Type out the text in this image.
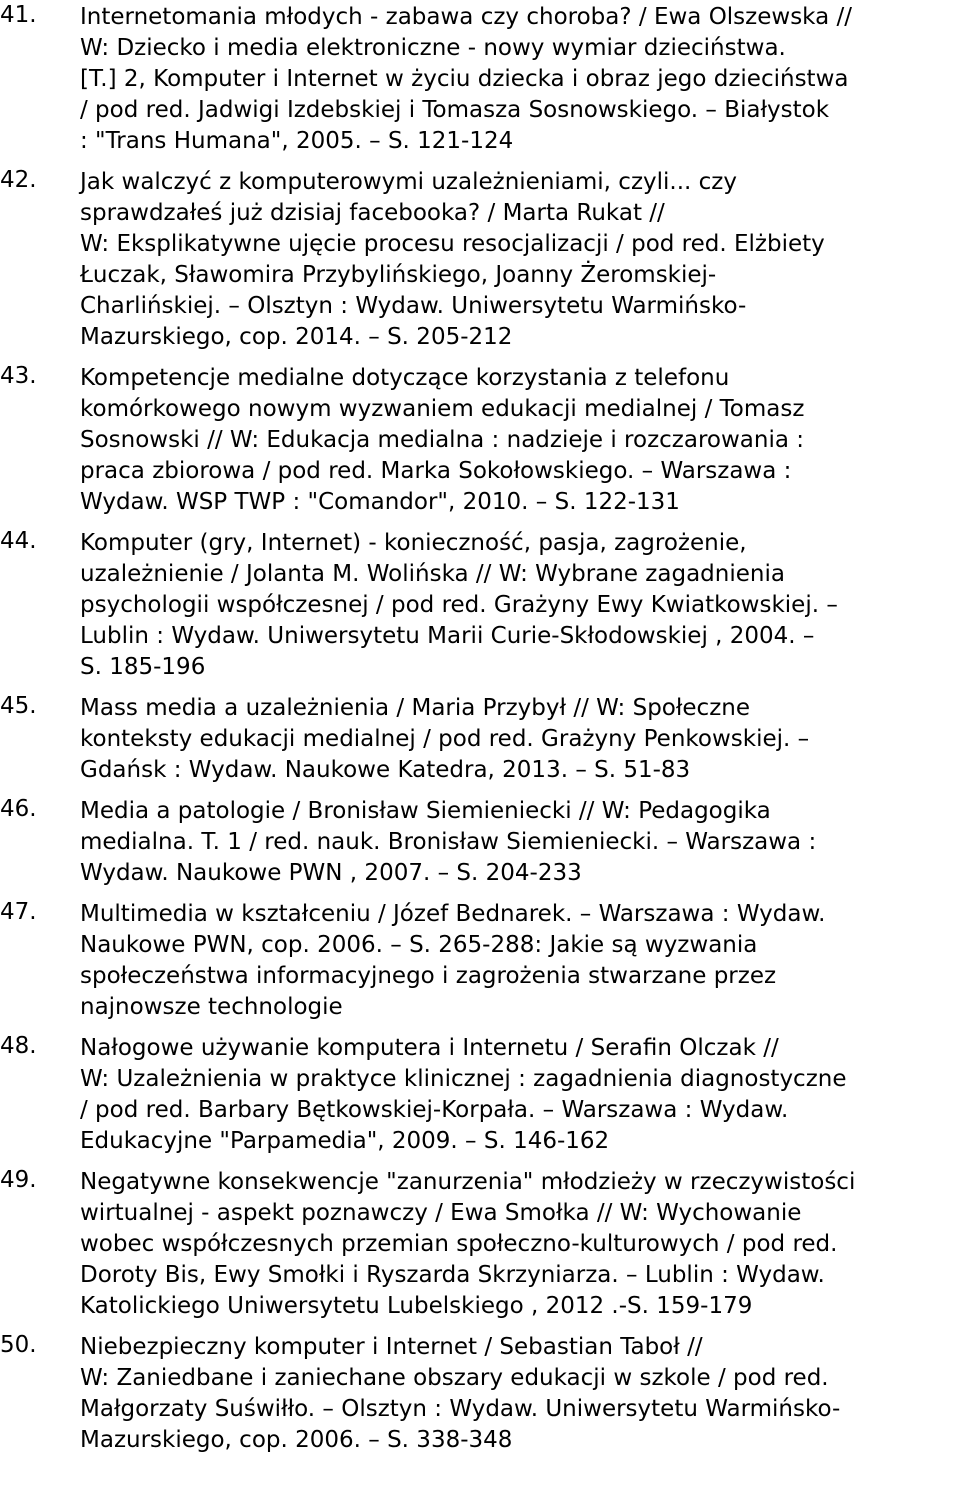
41.	Internetomania młodych - zabawa czy choroba? / Ewa Olszewska //
W: Dziecko i media elektroniczne - nowy wymiar dzieciństwa.
[T.] 2, Komputer i Internet w życiu dziecka i obraz jego dzieciństwa
/ pod red. Jadwigi Izdebskiej i Tomasza Sosnowskiego. – Białystok
: "Trans Humana", 2005. – S. 121-124
42.	Jak walczyć z komputerowymi uzależnieniami, czyli... czy
sprawdzałeś już dzisiaj facebooka? / Marta Rukat //
W: Eksplikatywne ujęcie procesu resocjalizacji / pod red. Elżbiety
Łuczak, Sławomira Przybylińskiego, Joanny Żeromskiej-
Charlińskiej. – Olsztyn : Wydaw. Uniwersytetu Warmińsko-
Mazurskiego, cop. 2014. – S. 205-212
43.	Kompetencje medialne dotyczące korzystania z telefonu
komórkowego nowym wyzwaniem edukacji medialnej / Tomasz
Sosnowski // W: Edukacja medialna : nadzieje i rozczarowania :
praca zbiorowa / pod red. Marka Sokołowskiego. – Warszawa :
Wydaw. WSP TWP : "Comandor", 2010. – S. 122-131
44.	Komputer (gry, Internet) - konieczność, pasja, zagrożenie,
uzależnienie / Jolanta M. Wolińska // W: Wybrane zagadnienia
psychologii współczesnej / pod red. Grażyny Ewy Kwiatkowskiej. –
Lublin : Wydaw. Uniwersytetu Marii Curie-Skłodowskiej , 2004. –
S. 185-196
45.	Mass media a uzależnienia / Maria Przybył // W: Społeczne
konteksty edukacji medialnej / pod red. Grażyny Penkowskiej. –
Gdańsk : Wydaw. Naukowe Katedra, 2013. – S. 51-83
46.	Media a patologie / Bronisław Siemieniecki // W: Pedagogika
medialna. T. 1 / red. nauk. Bronisław Siemieniecki. – Warszawa :
Wydaw. Naukowe PWN , 2007. – S. 204-233
47.	Multimedia w kształceniu / Józef Bednarek. – Warszawa : Wydaw.
Naukowe PWN, cop. 2006. – S. 265-288: Jakie są wyzwania
społeczeństwa informacyjnego i zagrożenia stwarzane przez
najnowsze technologie
48.	Nałogowe używanie komputera i Internetu / Serafin Olczak //
W: Uzależnienia w praktyce klinicznej : zagadnienia diagnostyczne
/ pod red. Barbary Bętkowskiej-Korpała. – Warszawa : Wydaw.
Edukacyjne "Parpamedia", 2009. – S. 146-162
49.	Negatywne konsekwencje "zanurzenia" młodzieży w rzeczywistości
wirtualnej - aspekt poznawczy / Ewa Smołka // W: Wychowanie
wobec współczesnych przemian społeczno-kulturowych / pod red.
Doroty Bis, Ewy Smołki i Ryszarda Skrzyniarza. – Lublin : Wydaw.
Katolickiego Uniwersytetu Lubelskiego , 2012 .-S. 159-179
50.	Niebezpieczny komputer i Internet / Sebastian Taboł //
W: Zaniedbane i zaniechane obszary edukacji w szkole / pod red.
Małgorzaty Suświłło. – Olsztyn : Wydaw. Uniwersytetu Warmińsko-
Mazurskiego, cop. 2006. – S. 338-348
